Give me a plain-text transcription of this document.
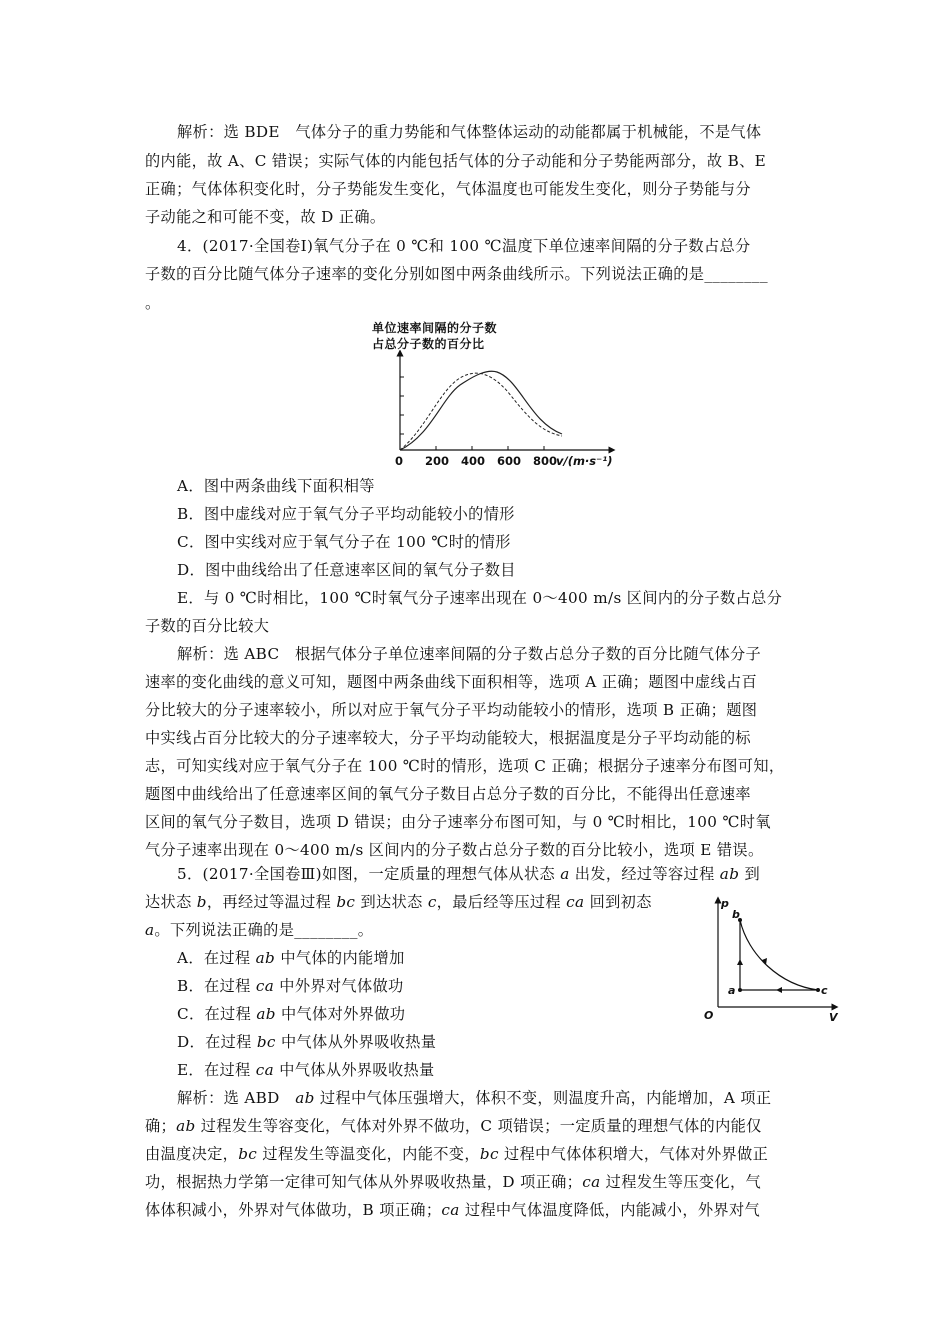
解析：选 BDE　气体分子的重力势能和气体整体运动的动能都属于机械能，不是气体
的内能，故 A、C 错误；实际气体的内能包括气体的分子动能和分子势能两部分，故 B、E
正确；气体体积变化时，分子势能发生变化，气体温度也可能发生变化，则分子势能与分
子动能之和可能不变，故 D 正确。
4．(2017·全国卷Ⅰ)氧气分子在 0 ℃和 100 ℃温度下单位速率间隔的分子数占总分
子数的百分比随气体分子速率的变化分别如图中两条曲线所示。下列说法正确的是________
。
单位速率间隔的分子数
占总分子数的百分比
0 200 400 600 800
v/(m·s⁻¹)
A．图中两条曲线下面积相等
B．图中虚线对应于氧气分子平均动能较小的情形
C．图中实线对应于氧气分子在 100 ℃时的情形
D．图中曲线给出了任意速率区间的氧气分子数目
E．与 0 ℃时相比，100 ℃时氧气分子速率出现在 0～400 m/s 区间内的分子数占总分
子数的百分比较大
解析：选 ABC　根据气体分子单位速率间隔的分子数占总分子数的百分比随气体分子
速率的变化曲线的意义可知，题图中两条曲线下面积相等，选项 A 正确；题图中虚线占百
分比较大的分子速率较小，所以对应于氧气分子平均动能较小的情形，选项 B 正确；题图
中实线占百分比较大的分子速率较大，分子平均动能较大，根据温度是分子平均动能的标
志，可知实线对应于氧气分子在 100 ℃时的情形，选项 C 正确；根据分子速率分布图可知，
题图中曲线给出了任意速率区间的氧气分子数目占总分子数的百分比，不能得出任意速率
区间的氧气分子数目，选项 D 错误；由分子速率分布图可知，与 0 ℃时相比，100 ℃时氧
气分子速率出现在 0～400 m/s 区间内的分子数占总分子数的百分比较小，选项 E 错误。
5．(2017·全国卷Ⅲ)如图，一定质量的理想气体从状态 a 出发，经过等容过程 ab 到
达状态 b，再经过等温过程 bc 到达状态 c，最后经等压过程 ca 回到初态
a。下列说法正确的是________。
p
V
O
a
b
c
A．在过程 ab 中气体的内能增加
B．在过程 ca 中外界对气体做功
C．在过程 ab 中气体对外界做功
D．在过程 bc 中气体从外界吸收热量
E．在过程 ca 中气体从外界吸收热量
解析：选 ABD　ab 过程中气体压强增大，体积不变，则温度升高，内能增加，A 项正
确；ab 过程发生等容变化，气体对外界不做功，C 项错误；一定质量的理想气体的内能仅
由温度决定，bc 过程发生等温变化，内能不变，bc 过程中气体体积增大，气体对外界做正
功，根据热力学第一定律可知气体从外界吸收热量，D 项正确；ca 过程发生等压变化，气
体体积减小，外界对气体做功，B 项正确；ca 过程中气体温度降低，内能减小，外界对气
